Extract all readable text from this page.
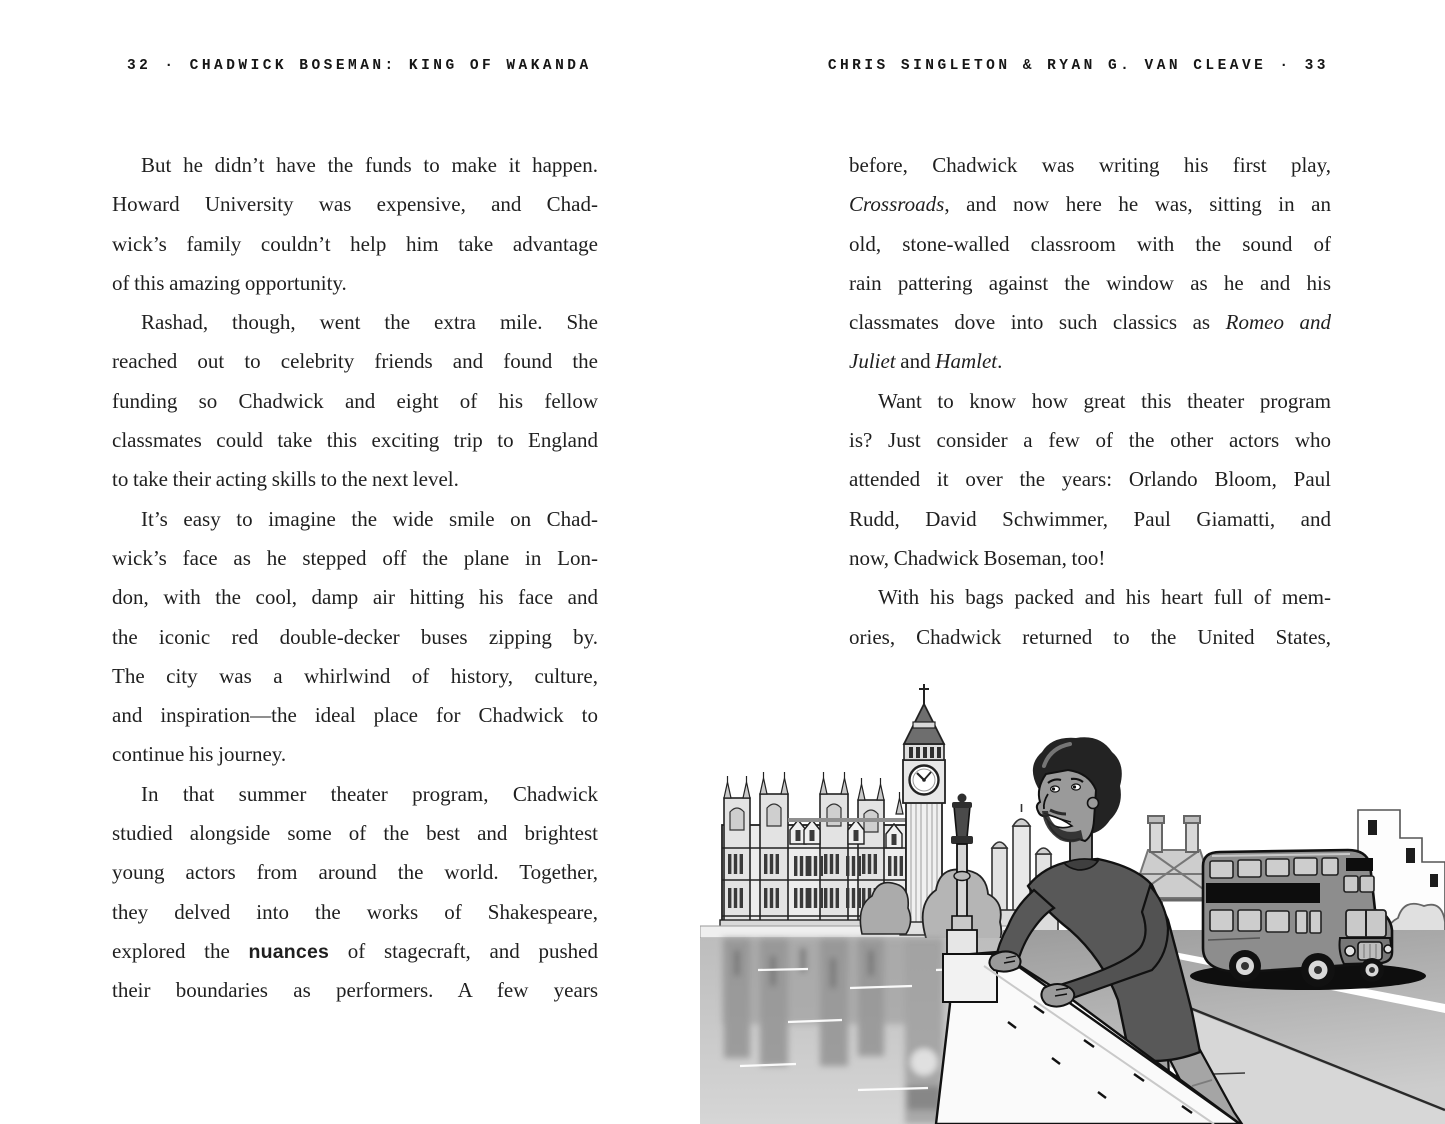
32 · CHADWICK BOSEMAN: KING OF WAKANDA	CHRIS SINGLETON & RYAN G. VAN CLEAVE · 33
But he didn’t have the funds to make it happen.
Howard University was expensive, and Chad-
wick’s family couldn’t help him take advantage
of this amazing opportunity.
Rashad, though, went the extra mile. She
reached out to celebrity friends and found the
funding so Chadwick and eight of his fellow
classmates could take this exciting trip to England
to take their acting skills to the next level.
It’s easy to imagine the wide smile on Chad-
wick’s face as he stepped off the plane in Lon-
don, with the cool, damp air hitting his face and
the iconic red double-decker buses zipping by.
The city was a whirlwind of history, culture,
and inspiration—the ideal place for Chadwick to
continue his journey.
In that summer theater program, Chadwick
studied alongside some of the best and brightest
young actors from around the world. Together,
they delved into the works of Shakespeare,
explored the nuances of stagecraft, and pushed
their boundaries as performers. A few years
before, Chadwick was writing his first play,
Crossroads, and now here he was, sitting in an
old, stone-walled classroom with the sound of
rain pattering against the window as he and his
classmates dove into such classics as Romeo and
Juliet and Hamlet.
Want to know how great this theater program
is? Just consider a few of the other actors who
attended it over the years: Orlando Bloom, Paul
Rudd, David Schwimmer, Paul Giamatti, and
now, Chadwick Boseman, too!
With his bags packed and his heart full of mem-
ories, Chadwick returned to the United States,
